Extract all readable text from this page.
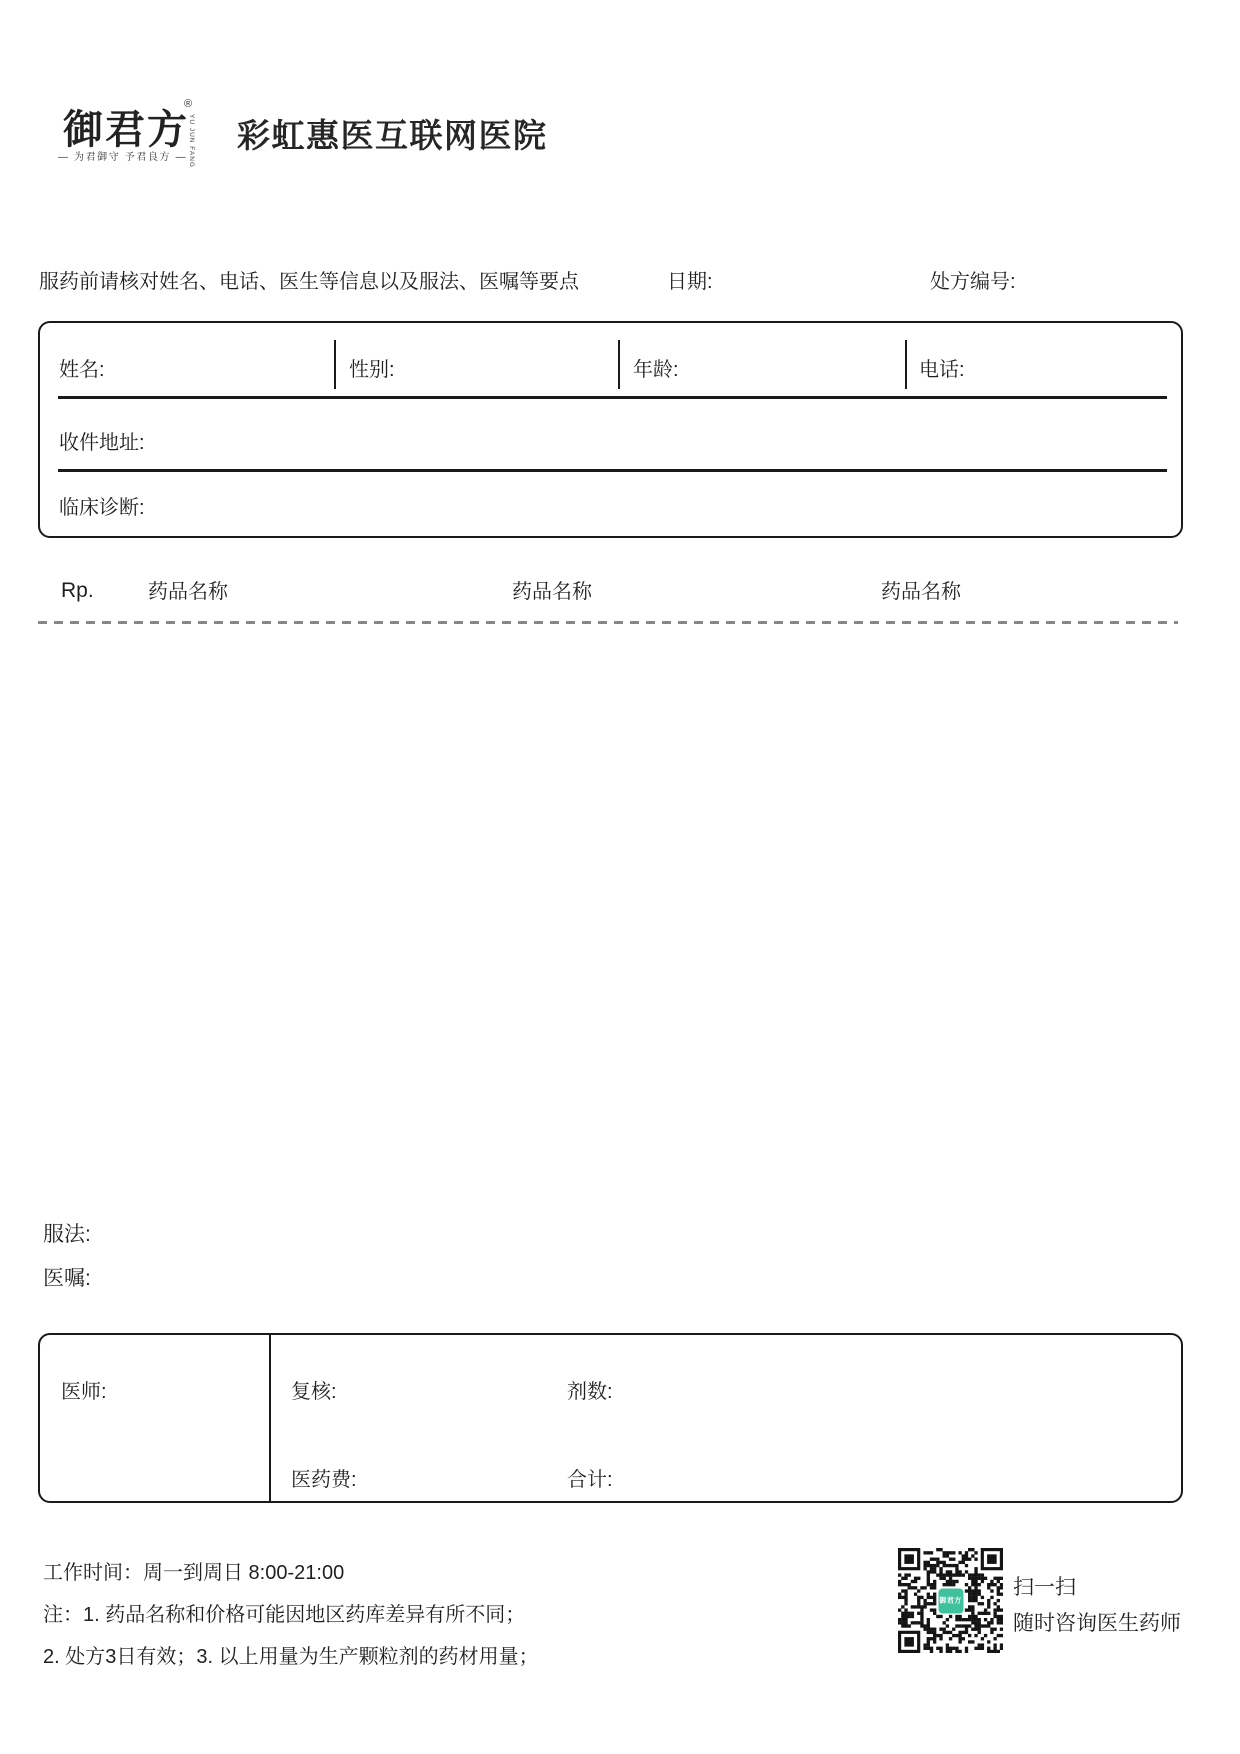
御君方
®
YU JUN FANG
— 为君御守 予君良方 —
彩虹惠医互联网医院
服药前请核对姓名、电话、医生等信息以及服法、医嘱等要点	日期:	处方编号:
姓名:	性别:	年龄:	电话:
收件地址:
临床诊断:
Rp.	药品名称	药品名称	药品名称
服法:
医嘱:
医师:	复核:	剂数:
医药费:	合计:
工作时间：周一到周日 8:00-21:00
注：1. 药品名称和价格可能因地区药库差异有所不同；
2. 处方3日有效；3. 以上用量为生产颗粒剂的药材用量；
御君方
扫一扫
随时咨询医生药师
